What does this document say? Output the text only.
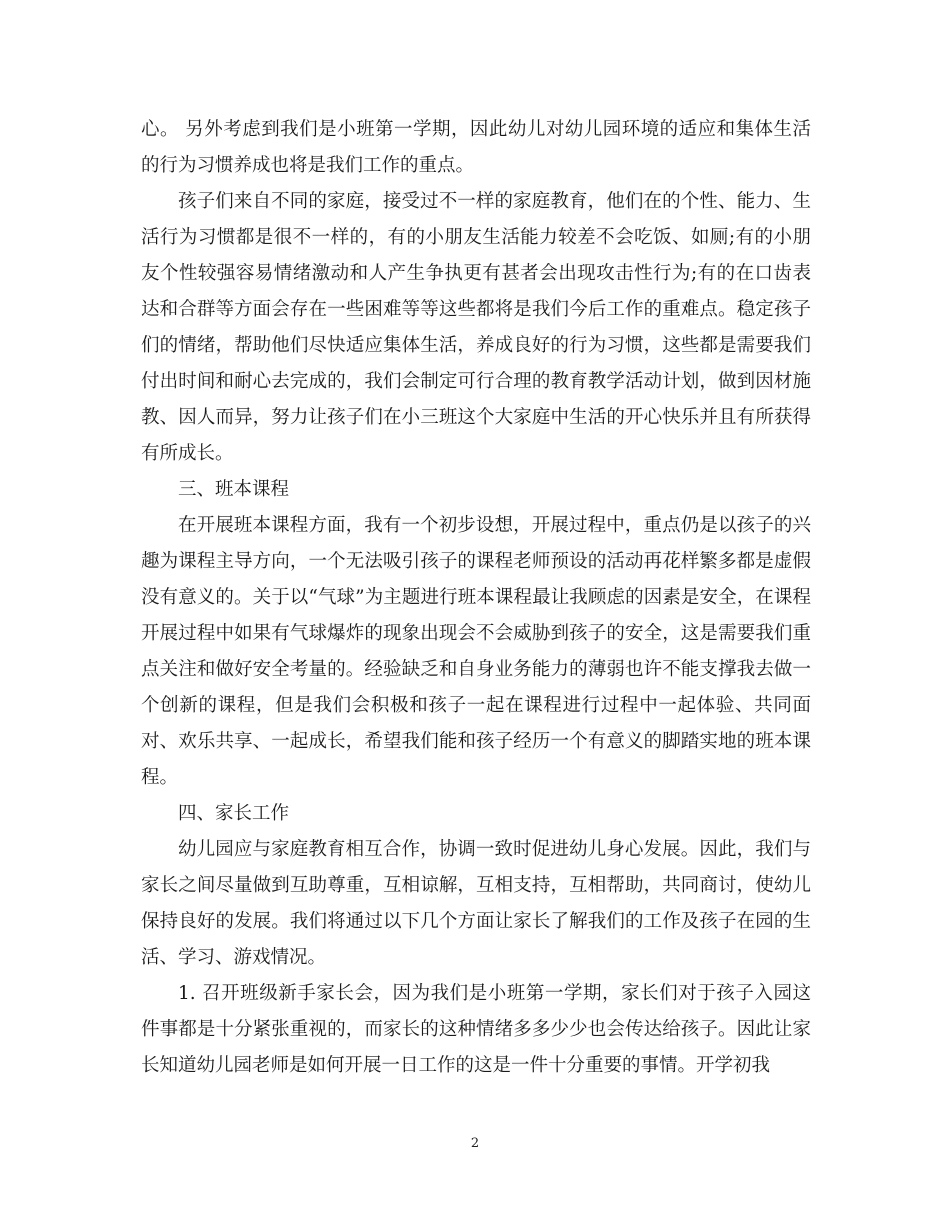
心。 另外考虑到我们是小班第一学期，因此幼儿对幼儿园环境的适应和集体生活的行为习惯养成也将是我们工作的重点。

孩子们来自不同的家庭，接受过不一样的家庭教育，他们在的个性、能力、生活行为习惯都是很不一样的，有的小朋友生活能力较差不会吃饭、如厕;有的小朋友个性较强容易情绪激动和人产生争执更有甚者会出现攻击性行为;有的在口齿表达和合群等方面会存在一些困难等等这些都将是我们今后工作的重难点。稳定孩子们的情绪，帮助他们尽快适应集体生活，养成良好的行为习惯，这些都是需要我们付出时间和耐心去完成的，我们会制定可行合理的教育教学活动计划，做到因材施教、因人而异，努力让孩子们在小三班这个大家庭中生活的开心快乐并且有所获得有所成长。

三、班本课程

在开展班本课程方面，我有一个初步设想，开展过程中，重点仍是以孩子的兴趣为课程主导方向，一个无法吸引孩子的课程老师预设的活动再花样繁多都是虚假没有意义的。关于以“气球”为主题进行班本课程最让我顾虑的因素是安全，在课程开展过程中如果有气球爆炸的现象出现会不会威胁到孩子的安全，这是需要我们重点关注和做好安全考量的。经验缺乏和自身业务能力的薄弱也许不能支撑我去做一个创新的课程，但是我们会积极和孩子一起在课程进行过程中一起体验、共同面对、欢乐共享、一起成长，希望我们能和孩子经历一个有意义的脚踏实地的班本课程。

四、家长工作

幼儿园应与家庭教育相互合作，协调一致时促进幼儿身心发展。因此，我们与家长之间尽量做到互助尊重，互相谅解，互相支持，互相帮助，共同商讨，使幼儿保持良好的发展。我们将通过以下几个方面让家长了解我们的工作及孩子在园的生活、学习、游戏情况。

1. 召开班级新手家长会，因为我们是小班第一学期，家长们对于孩子入园这件事都是十分紧张重视的，而家长的这种情绪多多少少也会传达给孩子。因此让家长知道幼儿园老师是如何开展一日工作的这是一件十分重要的事情。开学初我

2
